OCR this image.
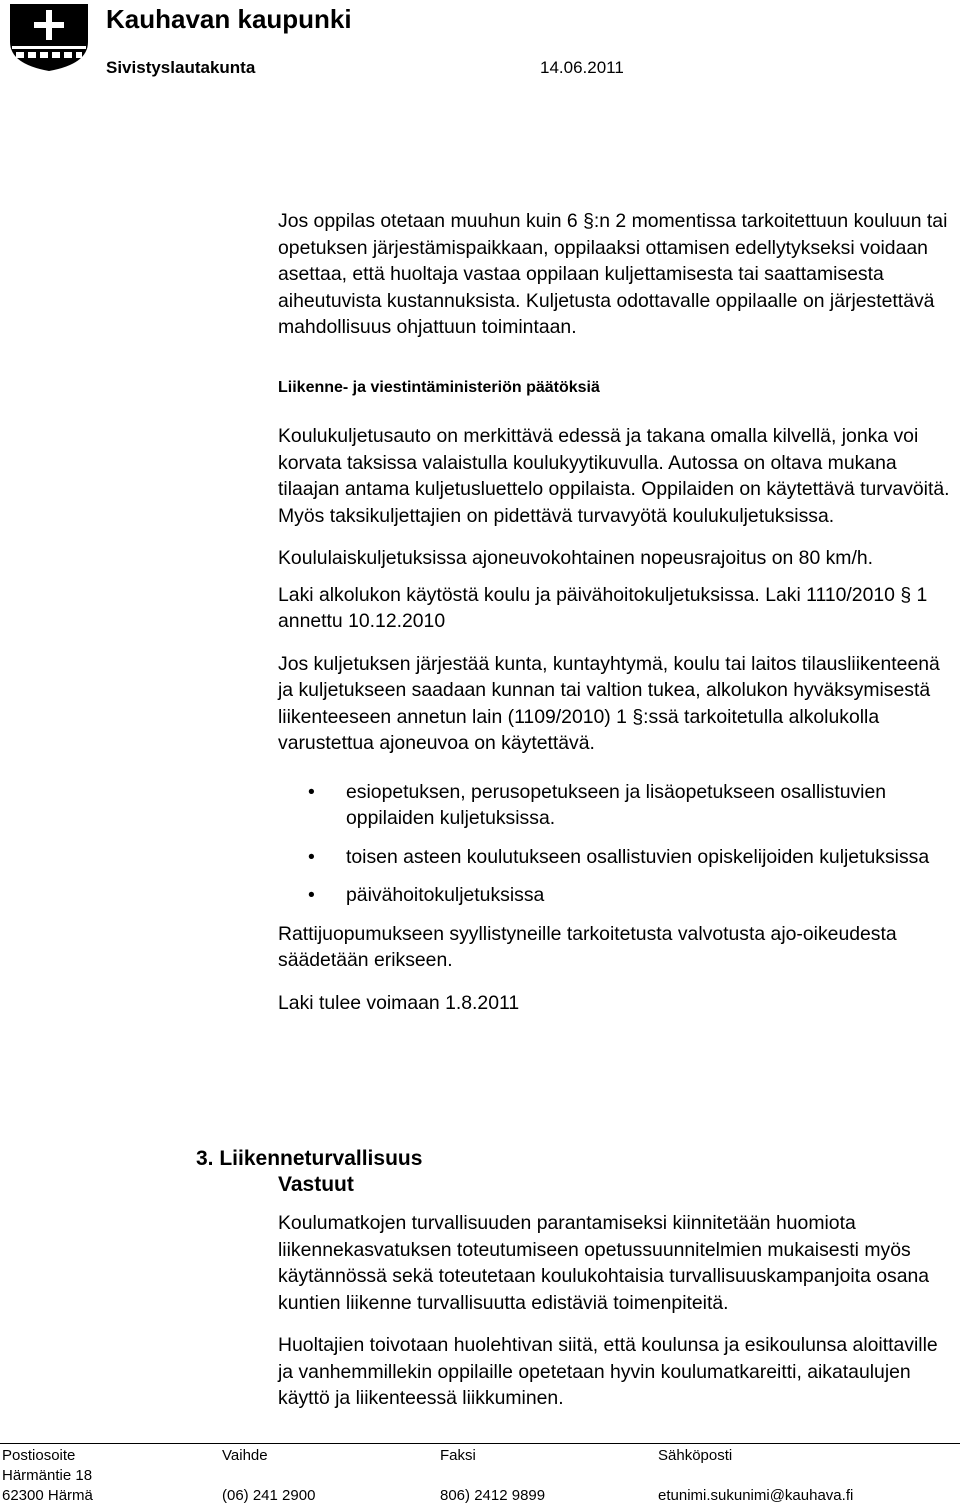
Kauhavan kaupunki
Sivistyslautakunta	14.06.2011

Jos oppilas otetaan muuhun kuin 6 §:n 2 momentissa tarkoitettuun kouluun tai opetuksen järjestämispaikkaan, oppilaaksi ottamisen edellytykseksi voidaan asettaa, että huoltaja vastaa oppilaan kuljettamisesta tai saattamisesta aiheutuvista kustannuksista. Kuljetusta odottavalle oppilaalle on järjestettävä mahdollisuus ohjattuun toimintaan.

Liikenne- ja viestintäministeriön päätöksiä

Koulukuljetusauto on merkittävä edessä ja takana omalla kilvellä, jonka voi korvata taksissa valaistulla koulukyytikuvulla. Autossa on oltava mukana tilaajan antama kuljetusluettelo oppilaista. Oppilaiden on käytettävä turvavöitä. Myös taksikuljettajien on pidettävä turvavyötä koulukuljetuksissa.

Koululaiskuljetuksissa ajoneuvokohtainen nopeusrajoitus on 80 km/h.

Laki alkolukon käytöstä koulu ja päivähoitokuljetuksissa. Laki 1110/2010 § 1 annettu 10.12.2010

Jos kuljetuksen järjestää kunta, kuntayhtymä, koulu tai laitos tilausliikenteenä ja kuljetukseen saadaan kunnan tai valtion tukea, alkolukon hyväksymisestä liikenteeseen annetun lain (1109/2010) 1 §:ssä tarkoitetulla alkolukolla varustettua ajoneuvoa on käytettävä.

• esiopetuksen, perusopetukseen ja lisäopetukseen osallistuvien oppilaiden kuljetuksissa.
• toisen asteen koulutukseen osallistuvien opiskelijoiden kuljetuksissa
• päivähoitokuljetuksissa

Rattijuopumukseen syyllistyneille tarkoitetusta valvotusta ajo-oikeudesta säädetään erikseen.

Laki tulee voimaan 1.8.2011

3. Liikenneturvallisuus
Vastuut

Koulumatkojen turvallisuuden parantamiseksi kiinnitetään huomiota liikennekasvatuksen toteutumiseen opetussuunnitelmien mukaisesti myös käytännössä sekä toteutetaan koulukohtaisia turvallisuuskampanjoita osana kuntien liikenne turvallisuutta edistäviä toimenpiteitä.

Huoltajien toivotaan huolehtivan siitä, että koulunsa ja esikoulunsa aloittaville ja vanhemmillekin oppilaille opetetaan hyvin koulumatkareitti, aikataulujen käyttö ja liikenteessä liikkuminen.

Postiosoite
Härmäntie 18
62300 Härmä
Vaihde
(06) 241 2900
Faksi
806) 2412 9899
Sähköposti
etunimi.sukunimi@kauhava.fi
